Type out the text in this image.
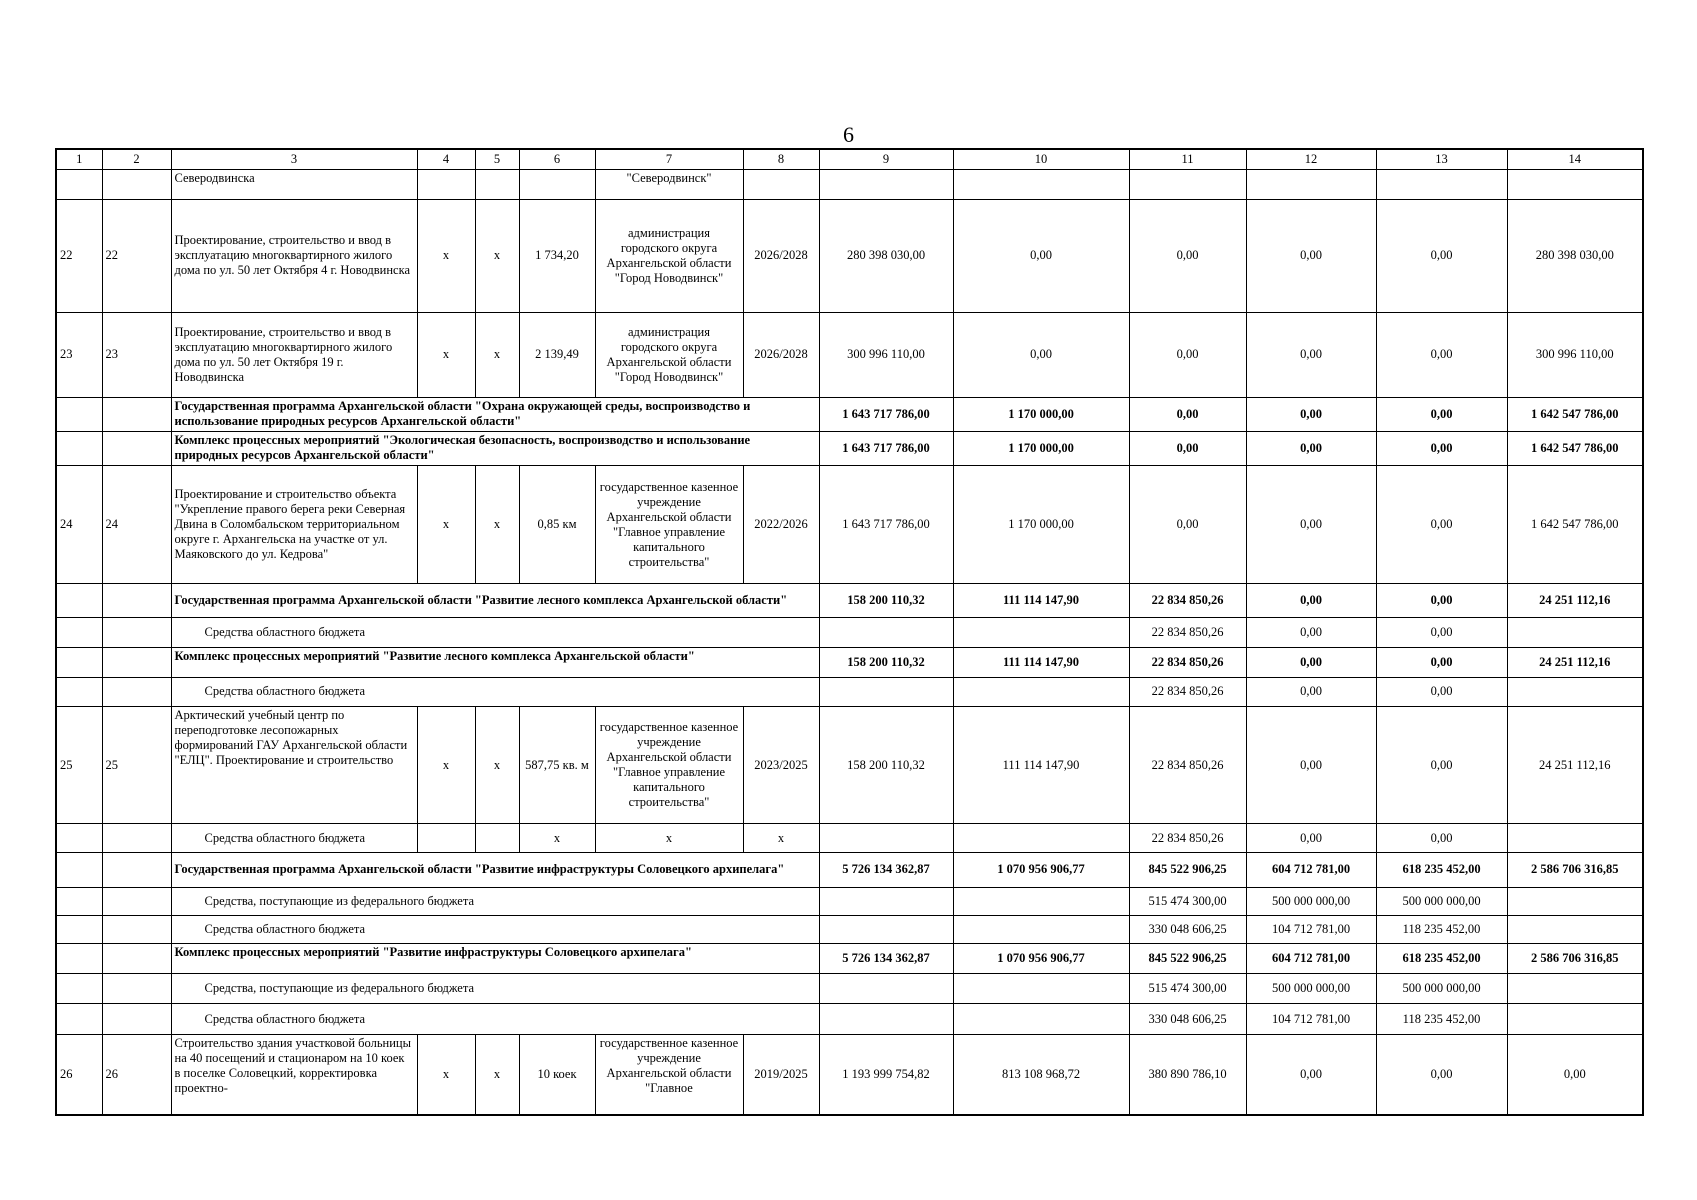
6
1	2	3	4	5	6	7	8	9	10	11	12	13	14
		Северодвинска				"Северодвинск"							
22	22	Проектирование, строительство и ввод в эксплуатацию многоквартирного жилого дома по ул. 50 лет Октября 4 г. Новодвинска	х	х	1 734,20	администрация городского округа Архангельской области "Город Новодвинск"	2026/2028	280 398 030,00	0,00	0,00	0,00	0,00	280 398 030,00
23	23	Проектирование, строительство и ввод в эксплуатацию многоквартирного жилого дома по ул. 50 лет Октября 19 г. Новодвинска	х	х	2 139,49	администрация городского округа Архангельской области "Город Новодвинск"	2026/2028	300 996 110,00	0,00	0,00	0,00	0,00	300 996 110,00
		Государственная программа Архангельской области "Охрана окружающей среды, воспроизводство и использование природных ресурсов Архангельской области"						1 643 717 786,00	1 170 000,00	0,00	0,00	0,00	1 642 547 786,00
		Комплекс процессных мероприятий "Экологическая безопасность, воспроизводство и использование природных ресурсов Архангельской области"						1 643 717 786,00	1 170 000,00	0,00	0,00	0,00	1 642 547 786,00
24	24	Проектирование и строительство объекта "Укрепление правого берега реки Северная Двина в Соломбальском территориальном округе г. Архангельска на участке от ул. Маяковского до ул. Кедрова"	х	х	0,85 км	государственное казенное учреждение Архангельской области "Главное управление капитального строительства"	2022/2026	1 643 717 786,00	1 170 000,00	0,00	0,00	0,00	1 642 547 786,00
		Государственная программа Архангельской области "Развитие лесного комплекса Архангельской области"						158 200 110,32	111 114 147,90	22 834 850,26	0,00	0,00	24 251 112,16
		Средства областного бюджета								22 834 850,26	0,00	0,00	
		Комплекс процессных мероприятий "Развитие лесного комплекса Архангельской области"						158 200 110,32	111 114 147,90	22 834 850,26	0,00	0,00	24 251 112,16
		Средства областного бюджета								22 834 850,26	0,00	0,00	
25	25	Арктический учебный центр по переподготовке лесопожарных формирований ГАУ Архангельской области "ЕЛЦ". Проектирование и строительство	х	х	587,75 кв. м	государственное казенное учреждение Архангельской области "Главное управление капитального строительства"	2023/2025	158 200 110,32	111 114 147,90	22 834 850,26	0,00	0,00	24 251 112,16
		Средства областного бюджета			х	х	х			22 834 850,26	0,00	0,00	
		Государственная программа Архангельской области "Развитие инфраструктуры Соловецкого архипелага"						5 726 134 362,87	1 070 956 906,77	845 522 906,25	604 712 781,00	618 235 452,00	2 586 706 316,85
		Средства, поступающие из федерального бюджета								515 474 300,00	500 000 000,00	500 000 000,00	
		Средства областного бюджета								330 048 606,25	104 712 781,00	118 235 452,00	
		Комплекс процессных мероприятий "Развитие инфраструктуры Соловецкого архипелага"						5 726 134 362,87	1 070 956 906,77	845 522 906,25	604 712 781,00	618 235 452,00	2 586 706 316,85
		Средства, поступающие из федерального бюджета								515 474 300,00	500 000 000,00	500 000 000,00	
		Средства областного бюджета								330 048 606,25	104 712 781,00	118 235 452,00	
26	26	Строительство здания участковой больницы на 40 посещений и стационаром на 10 коек в поселке Соловецкий, корректировка проектно-	х	х	10 коек	государственное казенное учреждение Архангельской области "Главное	2019/2025	1 193 999 754,82	813 108 968,72	380 890 786,10	0,00	0,00	0,00
